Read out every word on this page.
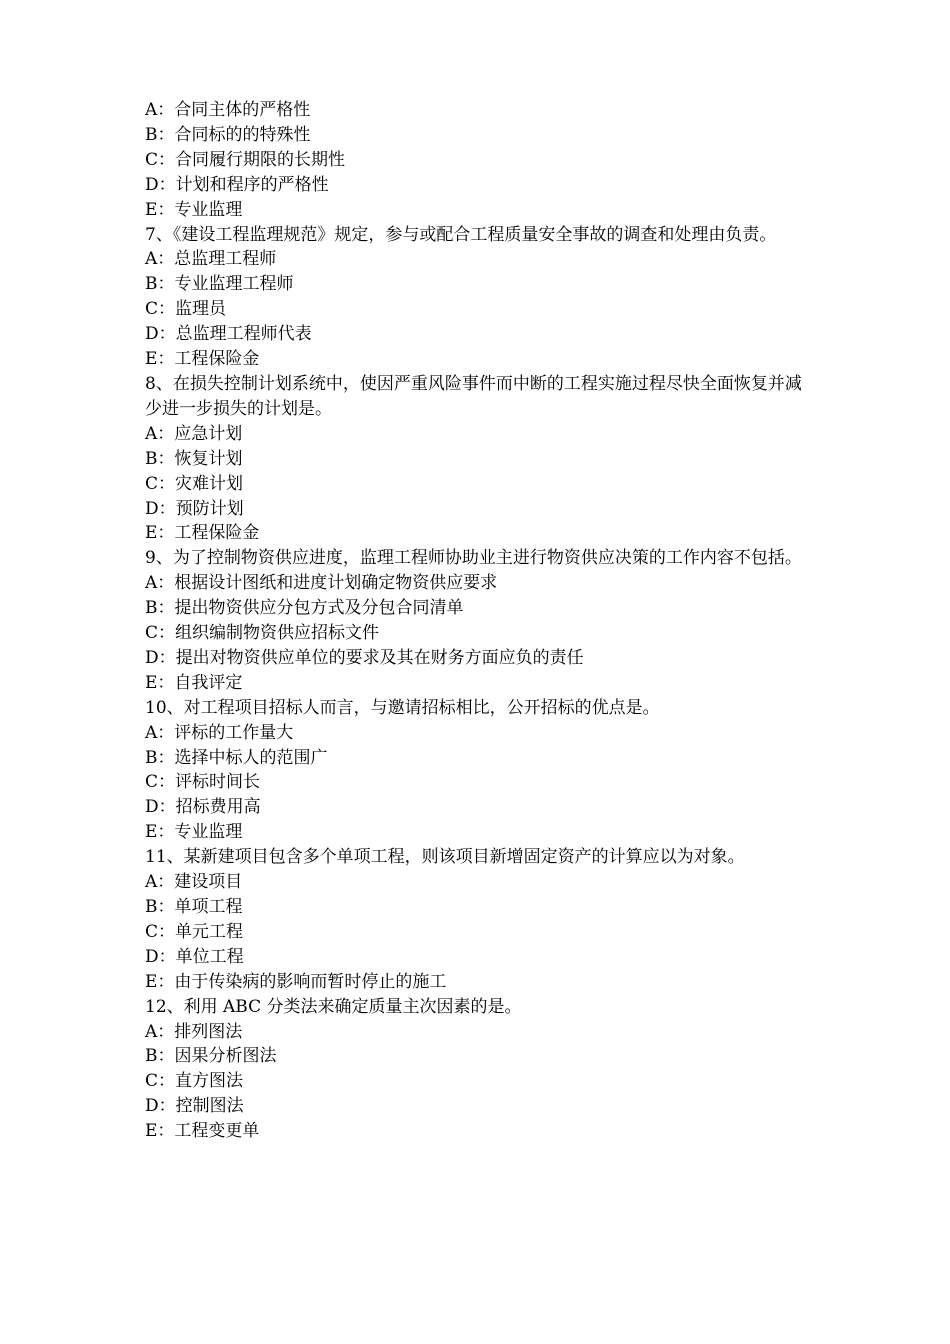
A：合同主体的严格性
B：合同标的的特殊性
C：合同履行期限的长期性
D：计划和程序的严格性
E：专业监理
7、《建设工程监理规范》规定，参与或配合工程质量安全事故的调查和处理由负责。
A：总监理工程师
B：专业监理工程师
C：监理员
D：总监理工程师代表
E：工程保险金
8、在损失控制计划系统中，使因严重风险事件而中断的工程实施过程尽快全面恢复并减少进一步损失的计划是。
A：应急计划
B：恢复计划
C：灾难计划
D：预防计划
E：工程保险金
9、为了控制物资供应进度，监理工程师协助业主进行物资供应决策的工作内容不包括。
A：根据设计图纸和进度计划确定物资供应要求
B：提出物资供应分包方式及分包合同清单
C：组织编制物资供应招标文件
D：提出对物资供应单位的要求及其在财务方面应负的责任
E：自我评定
10、对工程项目招标人而言，与邀请招标相比，公开招标的优点是。
A：评标的工作量大
B：选择中标人的范围广
C：评标时间长
D：招标费用高
E：专业监理
11、某新建项目包含多个单项工程，则该项目新增固定资产的计算应以为对象。
A：建设项目
B：单项工程
C：单元工程
D：单位工程
E：由于传染病的影响而暂时停止的施工
12、利用 ABC 分类法来确定质量主次因素的是。
A：排列图法
B：因果分析图法
C：直方图法
D：控制图法
E：工程变更单
